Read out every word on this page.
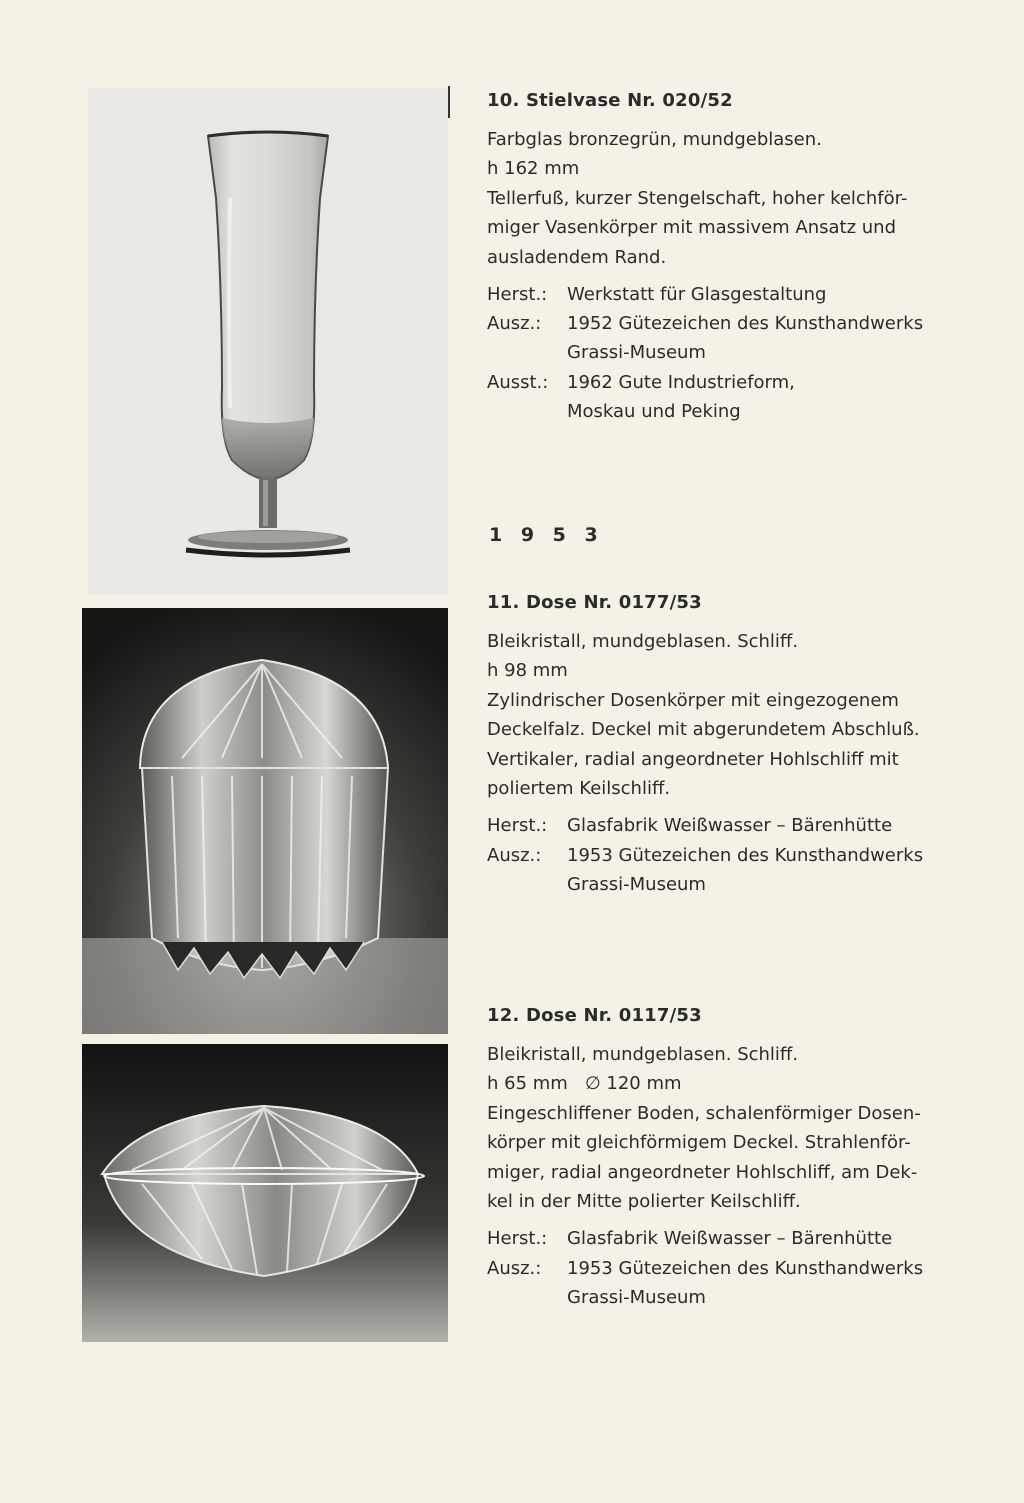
10. Stielvase Nr. 020/52

Farbglas bronzegrün, mundgeblasen.

h 162 mm

Tellerfuß, kurzer Stengelschaft, hoher kelchför-

miger Vasenkörper mit massivem Ansatz und

ausladendem Rand.

Herst.:	Werkstatt für Glasgestaltung
Ausz.:	1952 Gütezeichen des Kunsthandwerks
Grassi-Museum
Ausst.:	1962 Gute Industrieform,
Moskau und Peking
1 9 5 3
11. Dose Nr. 0177/53

Bleikristall, mundgeblasen. Schliff.

h 98 mm

Zylindrischer Dosenkörper mit eingezogenem

Deckelfalz. Deckel mit abgerundetem Abschluß.

Vertikaler, radial angeordneter Hohlschliff mit

poliertem Keilschliff.

Herst.:	Glasfabrik Weißwasser – Bärenhütte
Ausz.:	1953 Gütezeichen des Kunsthandwerks
Grassi-Museum
12. Dose Nr. 0117/53

Bleikristall, mundgeblasen. Schliff.

h 65 mm   ∅ 120 mm

Eingeschliffener Boden, schalenförmiger Dosen-

körper mit gleichförmigem Deckel. Strahlenför-

miger, radial angeordneter Hohlschliff, am Dek-

kel in der Mitte polierter Keilschliff.

Herst.:	Glasfabrik Weißwasser – Bärenhütte
Ausz.:	1953 Gütezeichen des Kunsthandwerks
Grassi-Museum
